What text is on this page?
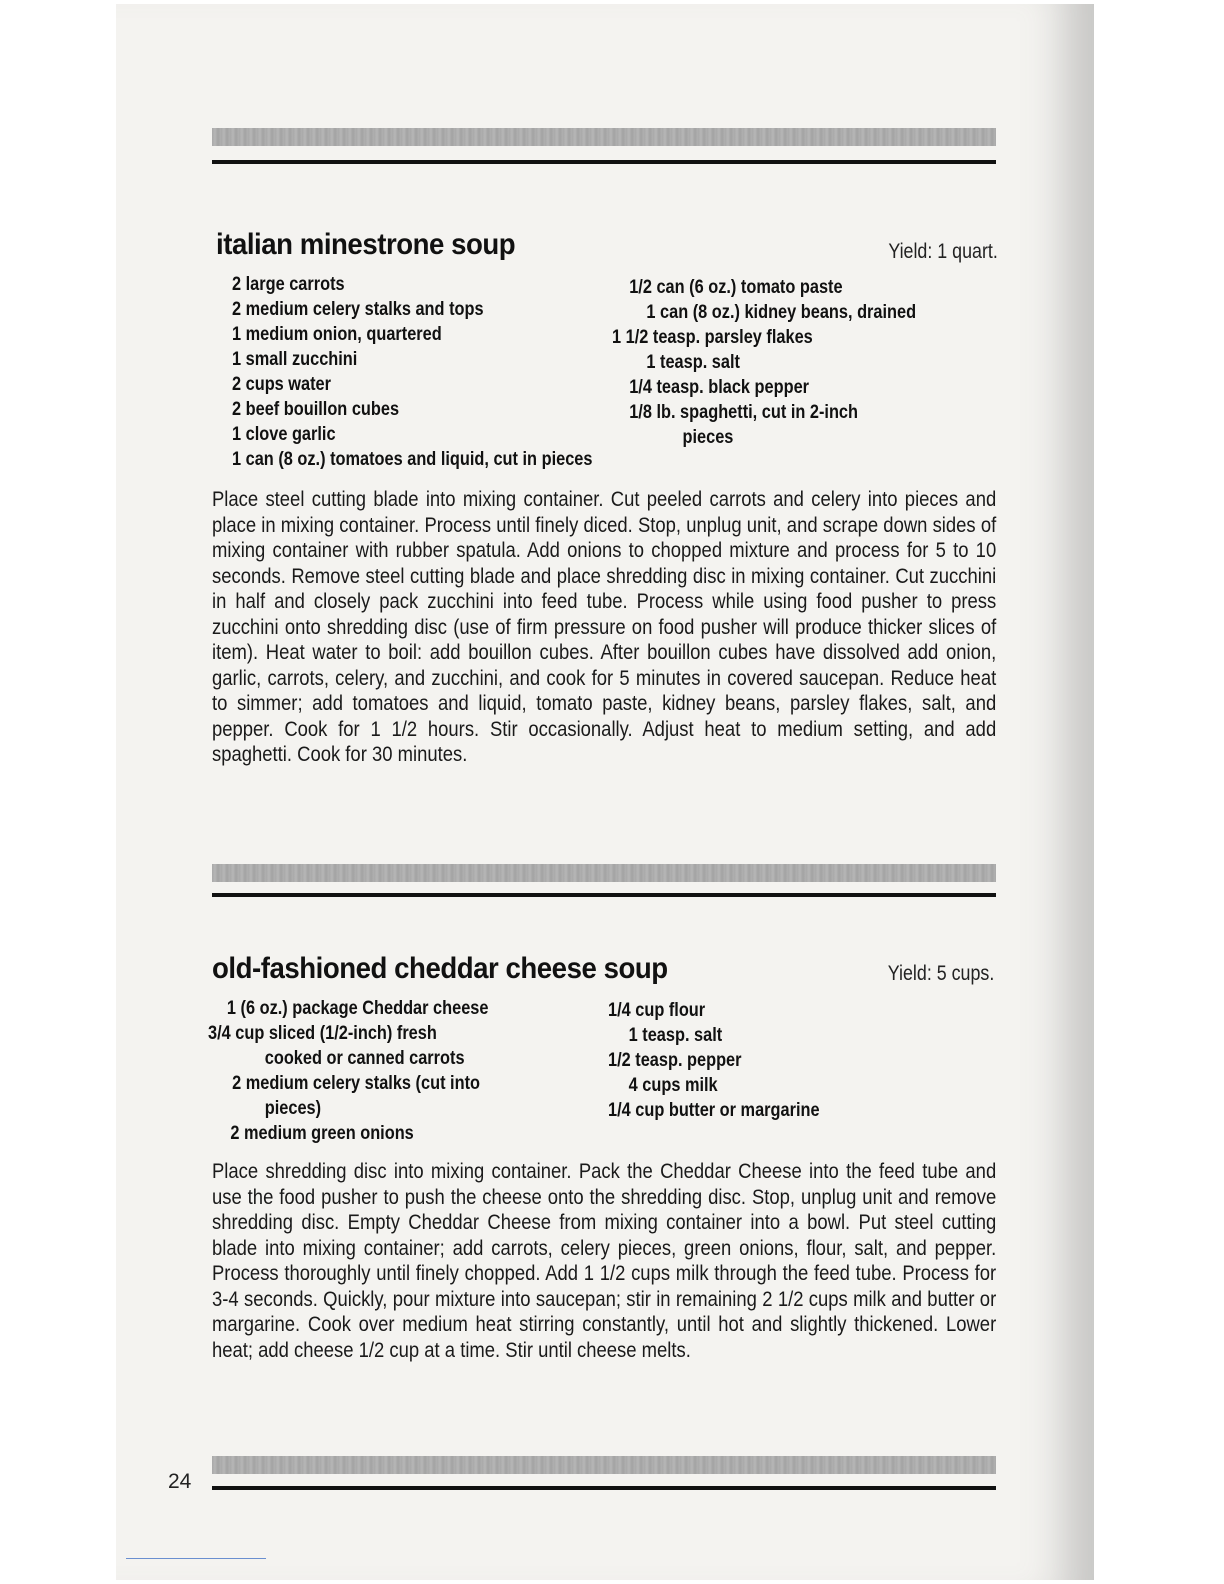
italian minestrone soup	Yield: 1 quart.
2 large carrots
2 medium celery stalks and tops
1 medium onion, quartered
1 small zucchini
2 cups water
2 beef bouillon cubes
1 clove garlic
1 can (8 oz.) tomatoes and liquid, cut in pieces
1/2 can (6 oz.) tomato paste
1 can (8 oz.) kidney beans, drained
1 1/2 teasp. parsley flakes
1 teasp. salt
1/4 teasp. black pepper
1/8 lb. spaghetti, cut in 2-inch
pieces
Place steel cutting blade into mixing container. Cut peeled carrots and celery into pieces and place in mixing container. Process until finely diced. Stop, unplug unit, and scrape down sides of mixing container with rubber spatula. Add onions to chopped mixture and process for 5 to 10 seconds. Remove steel cutting blade and place shredding disc in mixing container. Cut zucchini in half and closely pack zucchini into feed tube. Process while using food pusher to press zucchini onto shredding disc (use of firm pressure on food pusher will produce thicker slices of item). Heat water to boil: add bouillon cubes. After bouillon cubes have dissolved add onion, garlic, carrots, celery, and zucchini, and cook for 5 minutes in covered saucepan. Reduce heat to simmer; add tomatoes and liquid, tomato paste, kidney beans, parsley flakes, salt, and pepper. Cook for 1 1/2 hours. Stir occasionally. Adjust heat to medium setting, and add spaghetti. Cook for 30 minutes.
old-fashioned cheddar cheese soup	Yield: 5 cups.
1 (6 oz.) package Cheddar cheese
3/4 cup sliced (1/2-inch) fresh
cooked or canned carrots
2 medium celery stalks (cut into
pieces)
2 medium green onions
1/4 cup flour
1 teasp. salt
1/2 teasp. pepper
4 cups milk
1/4 cup butter or margarine
Place shredding disc into mixing container. Pack the Cheddar Cheese into the feed tube and use the food pusher to push the cheese onto the shredding disc. Stop, unplug unit and remove shredding disc. Empty Cheddar Cheese from mixing container into a bowl. Put steel cutting blade into mixing container; add carrots, celery pieces, green onions, flour, salt, and pepper. Process thoroughly until finely chopped. Add 1 1/2 cups milk through the feed tube. Process for 3-4 seconds. Quickly, pour mixture into saucepan; stir in remaining 2 1/2 cups milk and butter or margarine. Cook over medium heat stirring constantly, until hot and slightly thickened. Lower heat; add cheese 1/2 cup at a time. Stir until cheese melts.
24
